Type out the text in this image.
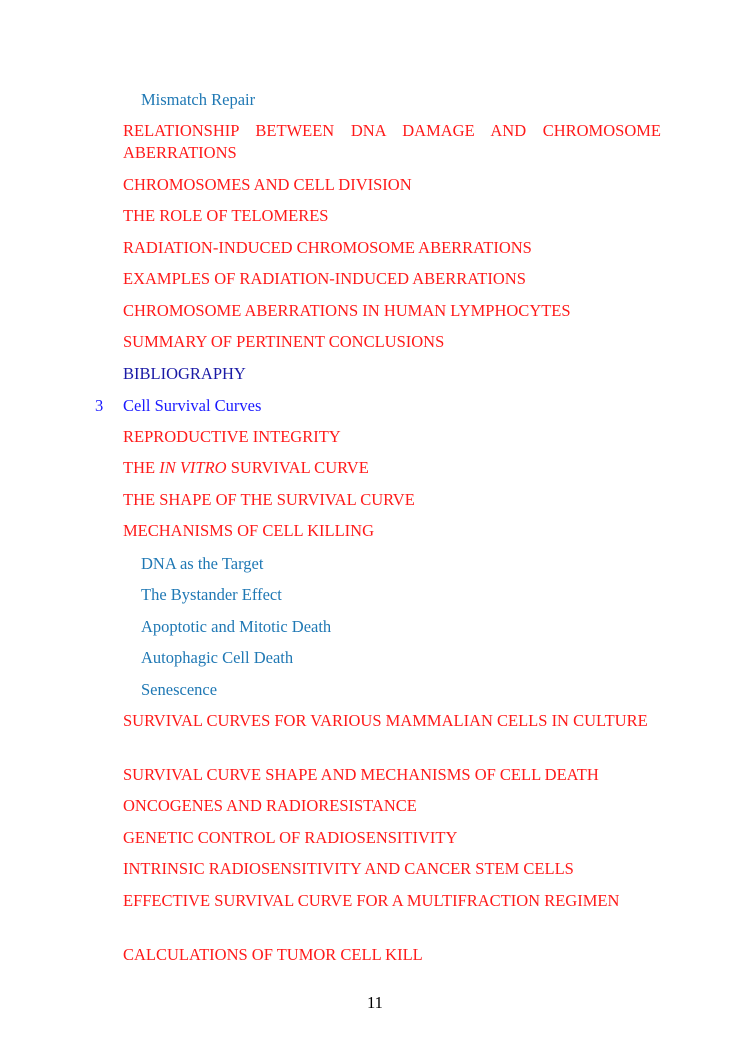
Mismatch Repair
RELATIONSHIP BETWEEN DNA DAMAGE AND CHROMOSOME ABERRATIONS
CHROMOSOMES AND CELL DIVISION
THE ROLE OF TELOMERES
RADIATION-INDUCED CHROMOSOME ABERRATIONS
EXAMPLES OF RADIATION-INDUCED ABERRATIONS
CHROMOSOME ABERRATIONS IN HUMAN LYMPHOCYTES
SUMMARY OF PERTINENT CONCLUSIONS
BIBLIOGRAPHY
3 Cell Survival Curves
REPRODUCTIVE INTEGRITY
THE IN VITRO SURVIVAL CURVE
THE SHAPE OF THE SURVIVAL CURVE
MECHANISMS OF CELL KILLING
DNA as the Target
The Bystander Effect
Apoptotic and Mitotic Death
Autophagic Cell Death
Senescence
SURVIVAL CURVES FOR VARIOUS MAMMALIAN CELLS IN CULTURE
SURVIVAL CURVE SHAPE AND MECHANISMS OF CELL DEATH
ONCOGENES AND RADIORESISTANCE
GENETIC CONTROL OF RADIOSENSITIVITY
INTRINSIC RADIOSENSITIVITY AND CANCER STEM CELLS
EFFECTIVE SURVIVAL CURVE FOR A MULTIFRACTION REGIMEN
CALCULATIONS OF TUMOR CELL KILL
11
